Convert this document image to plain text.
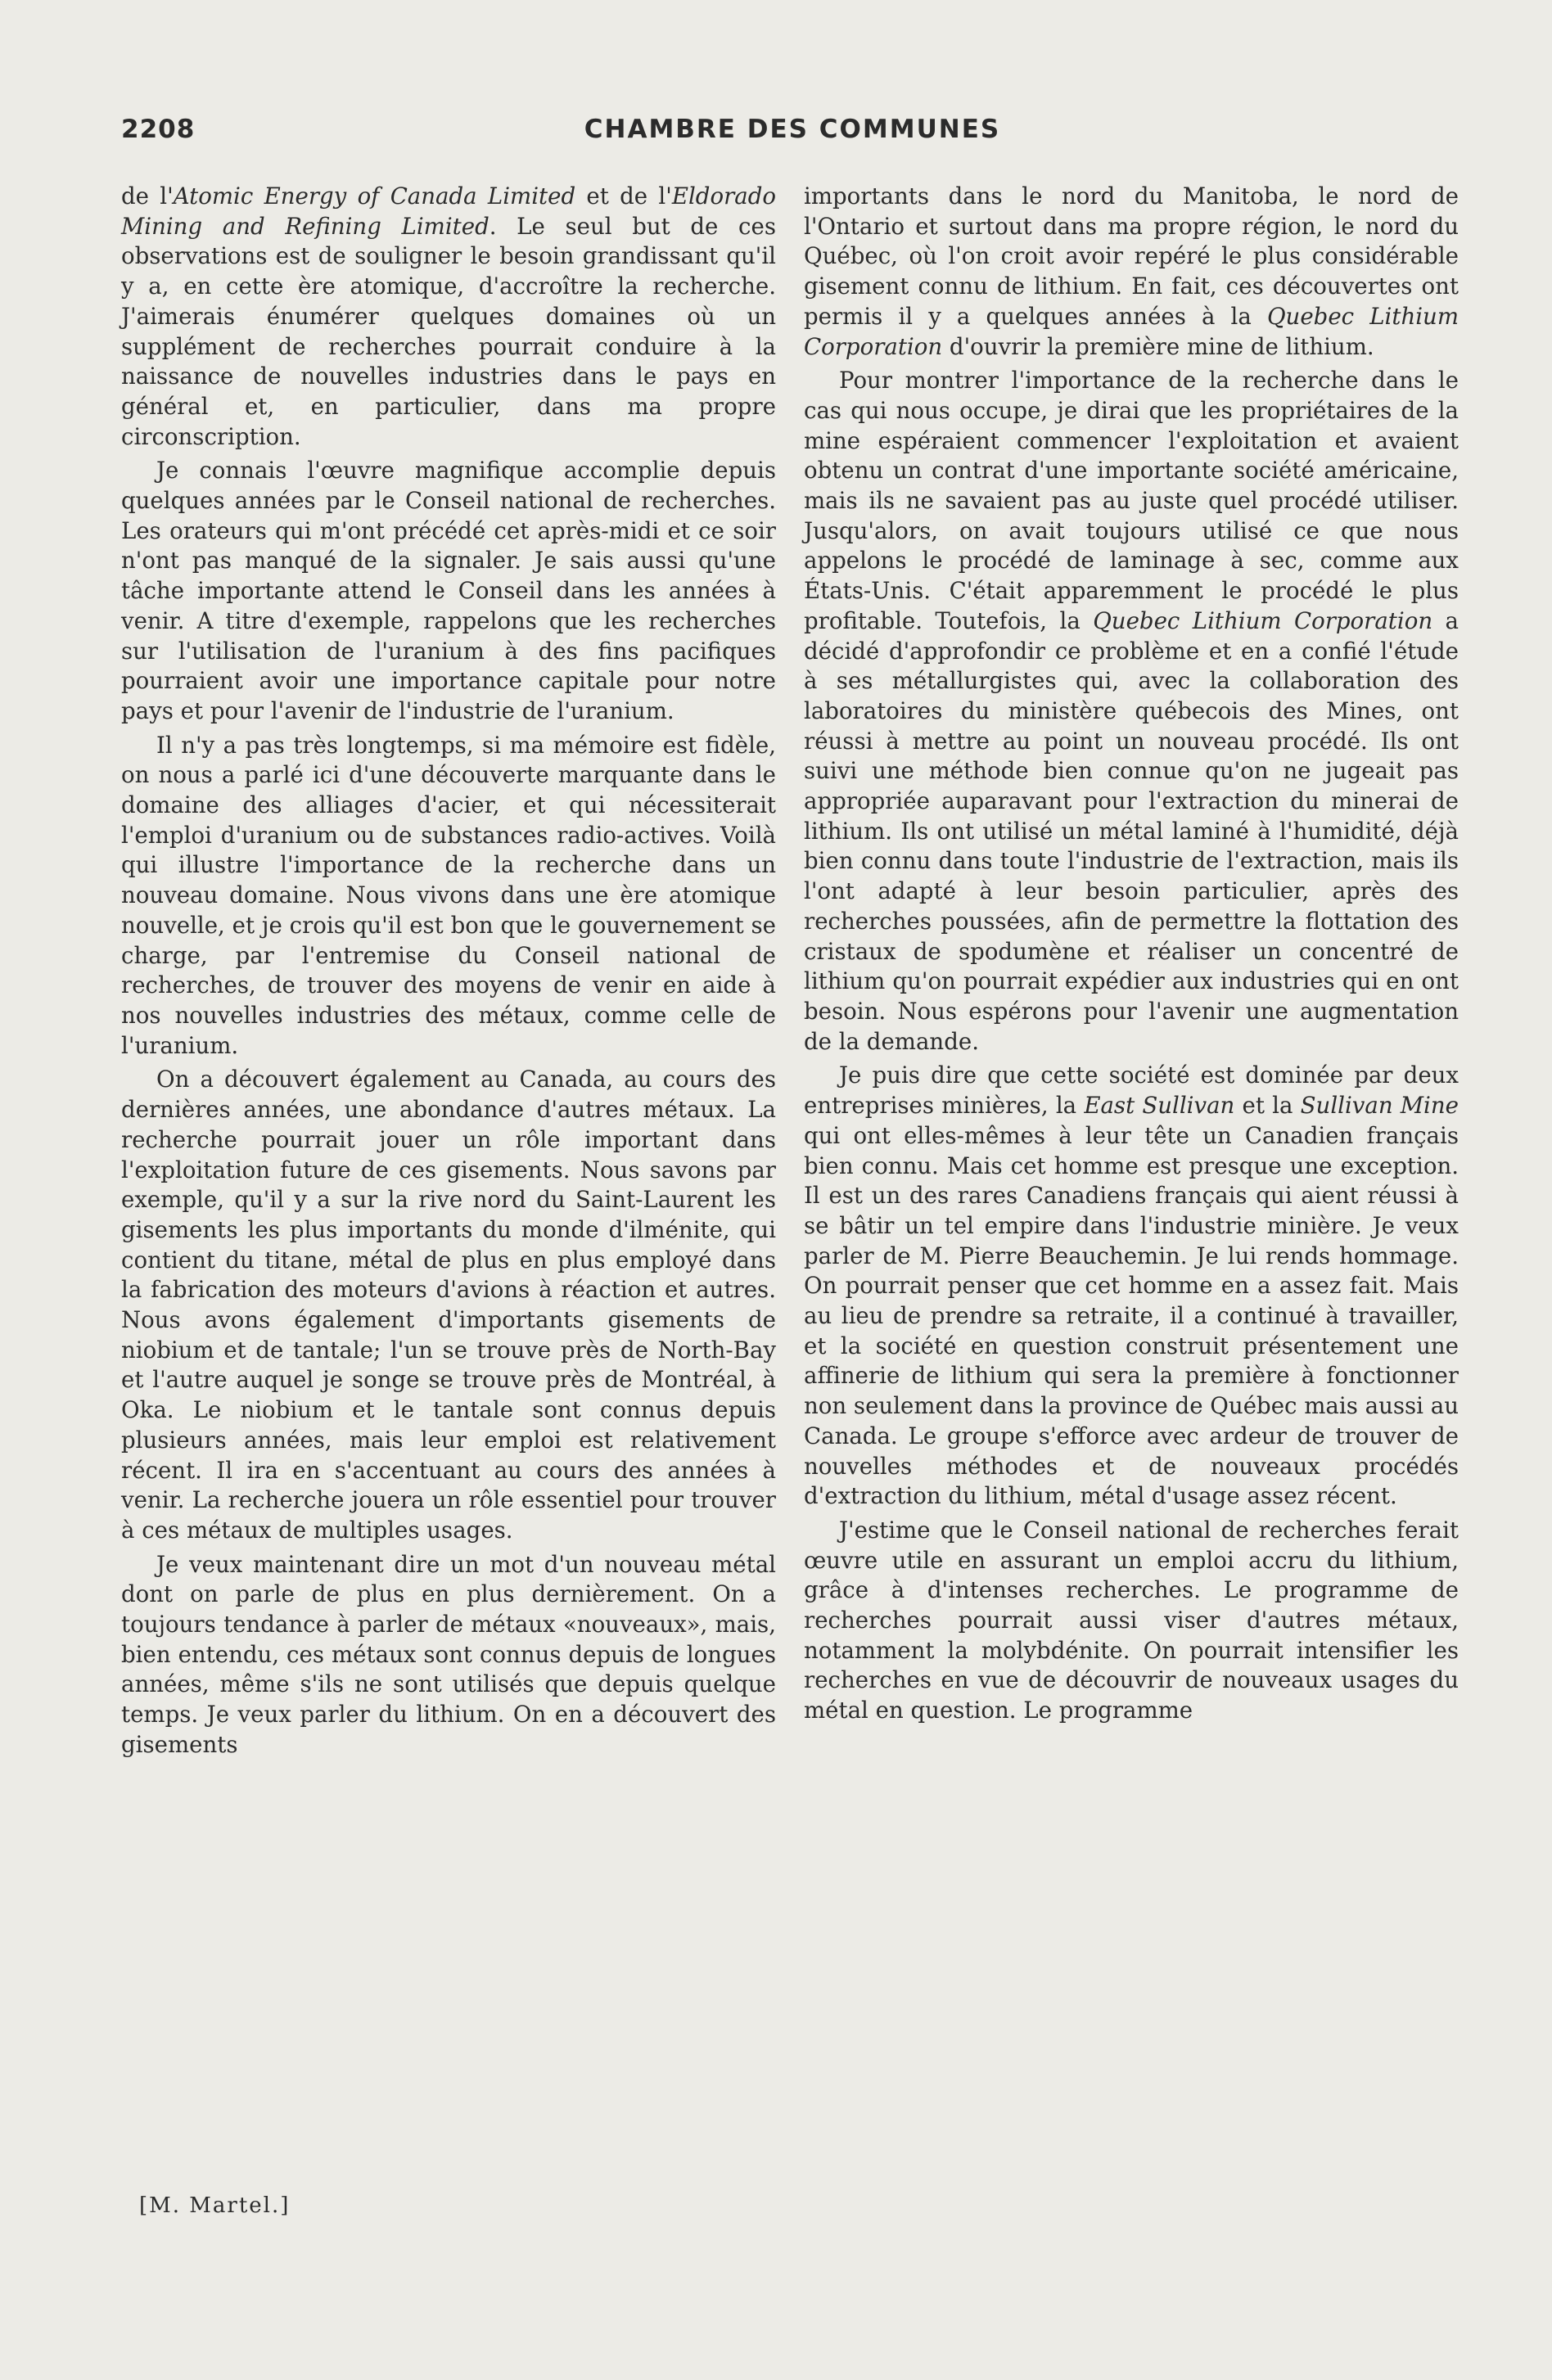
2208	CHAMBRE DES COMMUNES

de l'Atomic Energy of Canada Limited et de l'Eldorado Mining and Refining Limited. Le seul but de ces observations est de souligner le besoin grandissant qu'il y a, en cette ère atomique, d'accroître la recherche. J'aimerais énumérer quelques domaines où un supplément de recherches pourrait conduire à la naissance de nouvelles industries dans le pays en général et, en particulier, dans ma propre circonscription.

Je connais l'œuvre magnifique accomplie depuis quelques années par le Conseil national de recherches. Les orateurs qui m'ont précédé cet après-midi et ce soir n'ont pas manqué de la signaler. Je sais aussi qu'une tâche importante attend le Conseil dans les années à venir. A titre d'exemple, rappelons que les recherches sur l'utilisation de l'uranium à des fins pacifiques pourraient avoir une importance capitale pour notre pays et pour l'avenir de l'industrie de l'uranium.

Il n'y a pas très longtemps, si ma mémoire est fidèle, on nous a parlé ici d'une découverte marquante dans le domaine des alliages d'acier, et qui nécessiterait l'emploi d'uranium ou de substances radio-actives. Voilà qui illustre l'importance de la recherche dans un nouveau domaine. Nous vivons dans une ère atomique nouvelle, et je crois qu'il est bon que le gouvernement se charge, par l'entremise du Conseil national de recherches, de trouver des moyens de venir en aide à nos nouvelles industries des métaux, comme celle de l'uranium.

On a découvert également au Canada, au cours des dernières années, une abondance d'autres métaux. La recherche pourrait jouer un rôle important dans l'exploitation future de ces gisements. Nous savons par exemple, qu'il y a sur la rive nord du Saint-Laurent les gisements les plus importants du monde d'ilménite, qui contient du titane, métal de plus en plus employé dans la fabrication des moteurs d'avions à réaction et autres. Nous avons également d'importants gisements de niobium et de tantale; l'un se trouve près de North-Bay et l'autre auquel je songe se trouve près de Montréal, à Oka. Le niobium et le tantale sont connus depuis plusieurs années, mais leur emploi est relativement récent. Il ira en s'accentuant au cours des années à venir. La recherche jouera un rôle essentiel pour trouver à ces métaux de multiples usages.

Je veux maintenant dire un mot d'un nouveau métal dont on parle de plus en plus dernièrement. On a toujours tendance à parler de métaux «nouveaux», mais, bien entendu, ces métaux sont connus depuis de longues années, même s'ils ne sont utilisés que depuis quelque temps. Je veux parler du lithium. On en a découvert des gisements

importants dans le nord du Manitoba, le nord de l'Ontario et surtout dans ma propre région, le nord du Québec, où l'on croit avoir repéré le plus considérable gisement connu de lithium. En fait, ces découvertes ont permis il y a quelques années à la Quebec Lithium Corporation d'ouvrir la première mine de lithium.

Pour montrer l'importance de la recherche dans le cas qui nous occupe, je dirai que les propriétaires de la mine espéraient commencer l'exploitation et avaient obtenu un contrat d'une importante société américaine, mais ils ne savaient pas au juste quel procédé utiliser. Jusqu'alors, on avait toujours utilisé ce que nous appelons le procédé de laminage à sec, comme aux États-Unis. C'était apparemment le procédé le plus profitable. Toutefois, la Quebec Lithium Corporation a décidé d'approfondir ce problème et en a confié l'étude à ses métallurgistes qui, avec la collaboration des laboratoires du ministère québecois des Mines, ont réussi à mettre au point un nouveau procédé. Ils ont suivi une méthode bien connue qu'on ne jugeait pas appropriée auparavant pour l'extraction du minerai de lithium. Ils ont utilisé un métal laminé à l'humidité, déjà bien connu dans toute l'industrie de l'extraction, mais ils l'ont adapté à leur besoin particulier, après des recherches poussées, afin de permettre la flottation des cristaux de spodumène et réaliser un concentré de lithium qu'on pourrait expédier aux industries qui en ont besoin. Nous espérons pour l'avenir une augmentation de la demande.

Je puis dire que cette société est dominée par deux entreprises minières, la East Sullivan et la Sullivan Mine qui ont elles-mêmes à leur tête un Canadien français bien connu. Mais cet homme est presque une exception. Il est un des rares Canadiens français qui aient réussi à se bâtir un tel empire dans l'industrie minière. Je veux parler de M. Pierre Beauchemin. Je lui rends hommage. On pourrait penser que cet homme en a assez fait. Mais au lieu de prendre sa retraite, il a continué à travailler, et la société en question construit présentement une affinerie de lithium qui sera la première à fonctionner non seulement dans la province de Québec mais aussi au Canada. Le groupe s'efforce avec ardeur de trouver de nouvelles méthodes et de nouveaux procédés d'extraction du lithium, métal d'usage assez récent.

J'estime que le Conseil national de recherches ferait œuvre utile en assurant un emploi accru du lithium, grâce à d'intenses recherches. Le programme de recherches pourrait aussi viser d'autres métaux, notamment la molybdénite. On pourrait intensifier les recherches en vue de découvrir de nouveaux usages du métal en question. Le programme

[M. Martel.]
